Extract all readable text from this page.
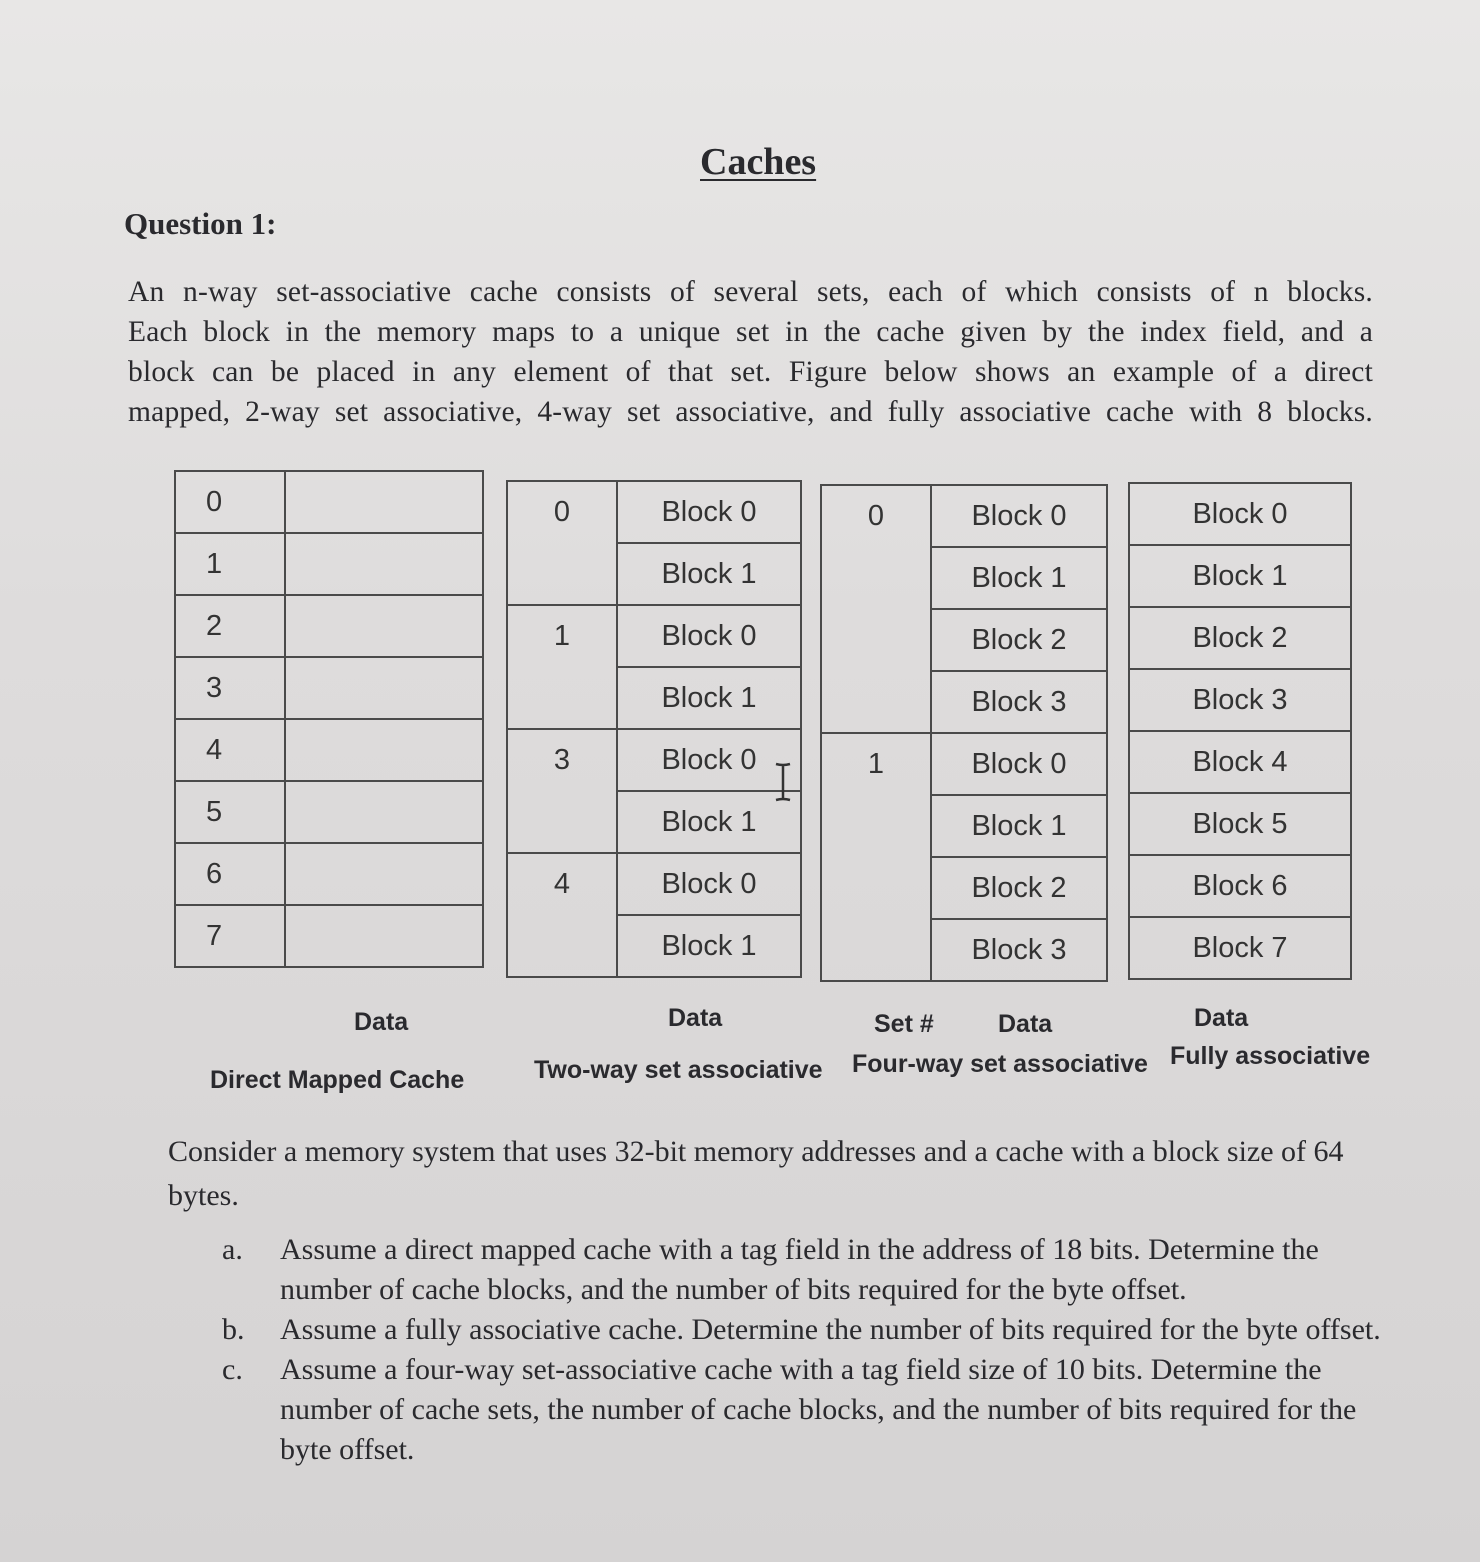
Caches
Question 1:
An n-way set-associative cache consists of several sets, each of which consists of n blocks.
Each block in the memory maps to a unique set in the cache given by the index field, and a
block can be placed in any element of that set. Figure below shows an example of a direct
mapped, 2-way set associative, 4-way set associative, and fully associative cache with 8 blocks.
0	
1	
2	
3	
4	
5	
6	
7	
0	Block 0
	Block 1
1	Block 0
	Block 1
3	Block 0
	Block 1
4	Block 0
	Block 1
0	Block 0
	Block 1
	Block 2
	Block 3
1	Block 0
	Block 1
	Block 2
	Block 3
Block 0
Block 1
Block 2
Block 3
Block 4
Block 5
Block 6
Block 7
Data	Data	Set #	Data	Data
Direct Mapped Cache	Two-way set associative Four-way set associative Fully associative
Consider a memory system that uses 32-bit memory addresses and a cache with a block size of 64 bytes.
a. Assume a direct mapped cache with a tag field in the address of 18 bits. Determine the number of cache blocks, and the number of bits required for the byte offset.
b. Assume a fully associative cache. Determine the number of bits required for the byte offset.
c. Assume a four-way set-associative cache with a tag field size of 10 bits. Determine the number of cache sets, the number of cache blocks, and the number of bits required for the byte offset.
